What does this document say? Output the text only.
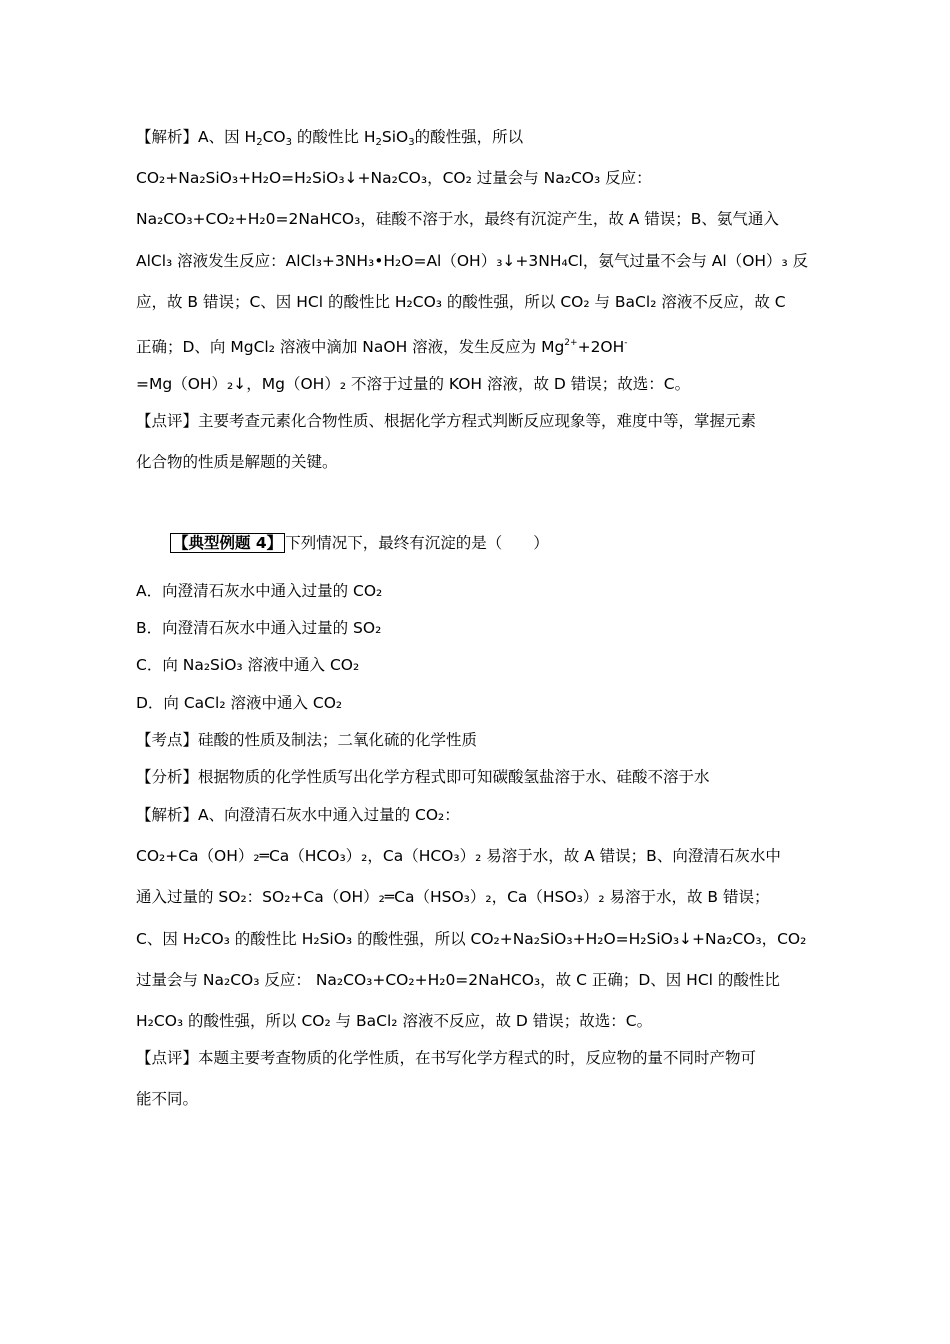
【解析】A、因 $H_2CO_3$ 的酸性比 $H_2SiO_3$的酸性强，所以
CO₂+Na₂SiO₃+H₂O=H₂SiO₃↓+Na₂CO₃，CO₂ 过量会与 Na₂CO₃ 反应：
Na₂CO₃+CO₂+H₂0=2NaHCO₃，硅酸不溶于水，最终有沉淀产生，故 A 错误；B、氨气通入
AlCl₃ 溶液发生反应：AlCl₃+3NH₃•H₂O=Al（OH）₃↓+3NH₄Cl，氨气过量不会与 Al（OH）₃ 反
应，故 B 错误；C、因 HCl 的酸性比 H₂CO₃ 的酸性强，所以 CO₂ 与 BaCl₂ 溶液不反应，故 C
正确；D、向 MgCl₂ 溶液中滴加 NaOH 溶液，发生反应为 $Mg^{2+}+2OH^-$
=Mg（OH）₂↓，Mg（OH）₂ 不溶于过量的 KOH 溶液，故 D 错误；故选：C。
【点评】主要考查元素化合物性质、根据化学方程式判断反应现象等，难度中等，掌握元素
化合物的性质是解题的关键。
【典型例题 4】 下列情况下，最终有沉淀的是（　　）
A．向澄清石灰水中通入过量的 CO₂
B．向澄清石灰水中通入过量的 SO₂
C．向 Na₂SiO₃ 溶液中通入 CO₂
D．向 CaCl₂ 溶液中通入 CO₂
【考点】硅酸的性质及制法；二氧化硫的化学性质
【分析】根据物质的化学性质写出化学方程式即可知碳酸氢盐溶于水、硅酸不溶于水
【解析】A、向澄清石灰水中通入过量的 CO₂：
CO₂+Ca（OH）₂═Ca（HCO₃）₂，Ca（HCO₃）₂ 易溶于水，故 A 错误；B、向澄清石灰水中
通入过量的 SO₂：SO₂+Ca（OH）₂═Ca（HSO₃）₂，Ca（HSO₃）₂ 易溶于水，故 B 错误；
C、因 H₂CO₃ 的酸性比 H₂SiO₃ 的酸性强，所以 CO₂+Na₂SiO₃+H₂O=H₂SiO₃↓+Na₂CO₃，CO₂
过量会与 Na₂CO₃ 反应： Na₂CO₃+CO₂+H₂0=2NaHCO₃，故 C 正确；D、因 HCl 的酸性比
H₂CO₃ 的酸性强，所以 CO₂ 与 BaCl₂ 溶液不反应，故 D 错误；故选：C。
【点评】本题主要考查物质的化学性质，在书写化学方程式的时，反应物的量不同时产物可
能不同。
